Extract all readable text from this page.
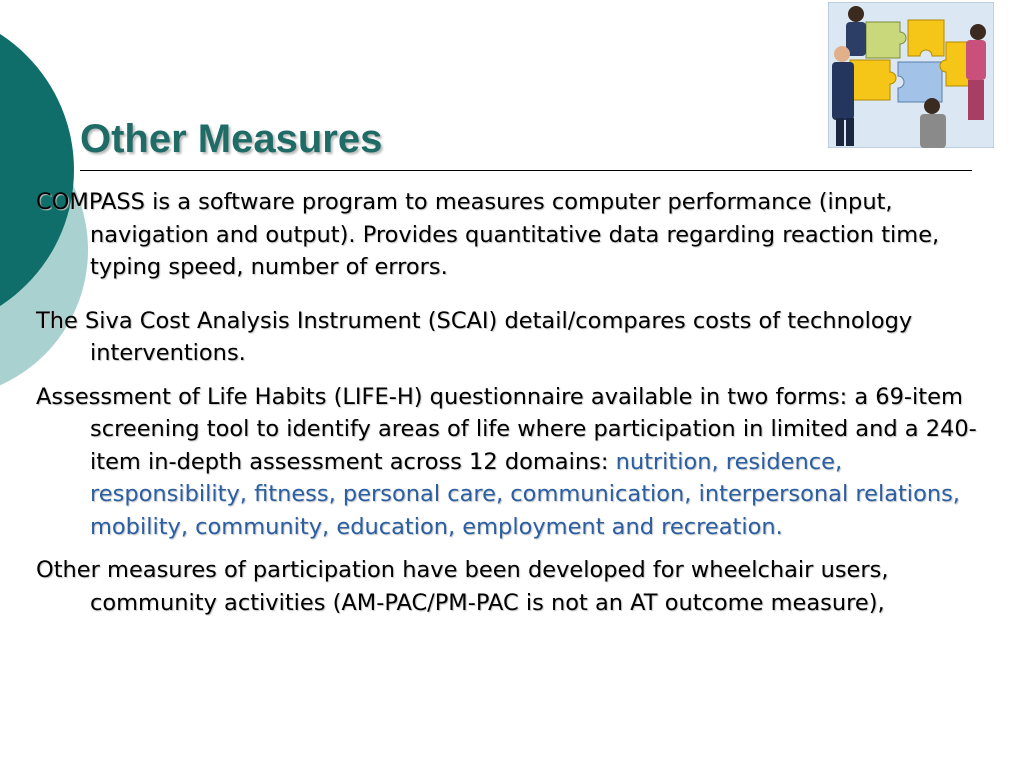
Other Measures

COMPASS is a software program to measures computer performance (input, navigation and output). Provides quantitative data regarding reaction time, typing speed, number of errors.

The Siva Cost Analysis Instrument (SCAI) detail/compares costs of technology interventions.

Assessment of Life Habits (LIFE-H) questionnaire available in two forms: a 69-item screening tool to identify areas of life where participation in limited and a 240-item in-depth assessment across 12 domains: nutrition, residence, responsibility, fitness, personal care, communication, interpersonal relations, mobility, community, education, employment and recreation.

Other measures of participation have been developed for wheelchair users, community activities (AM-PAC/PM-PAC is not an AT outcome measure),
